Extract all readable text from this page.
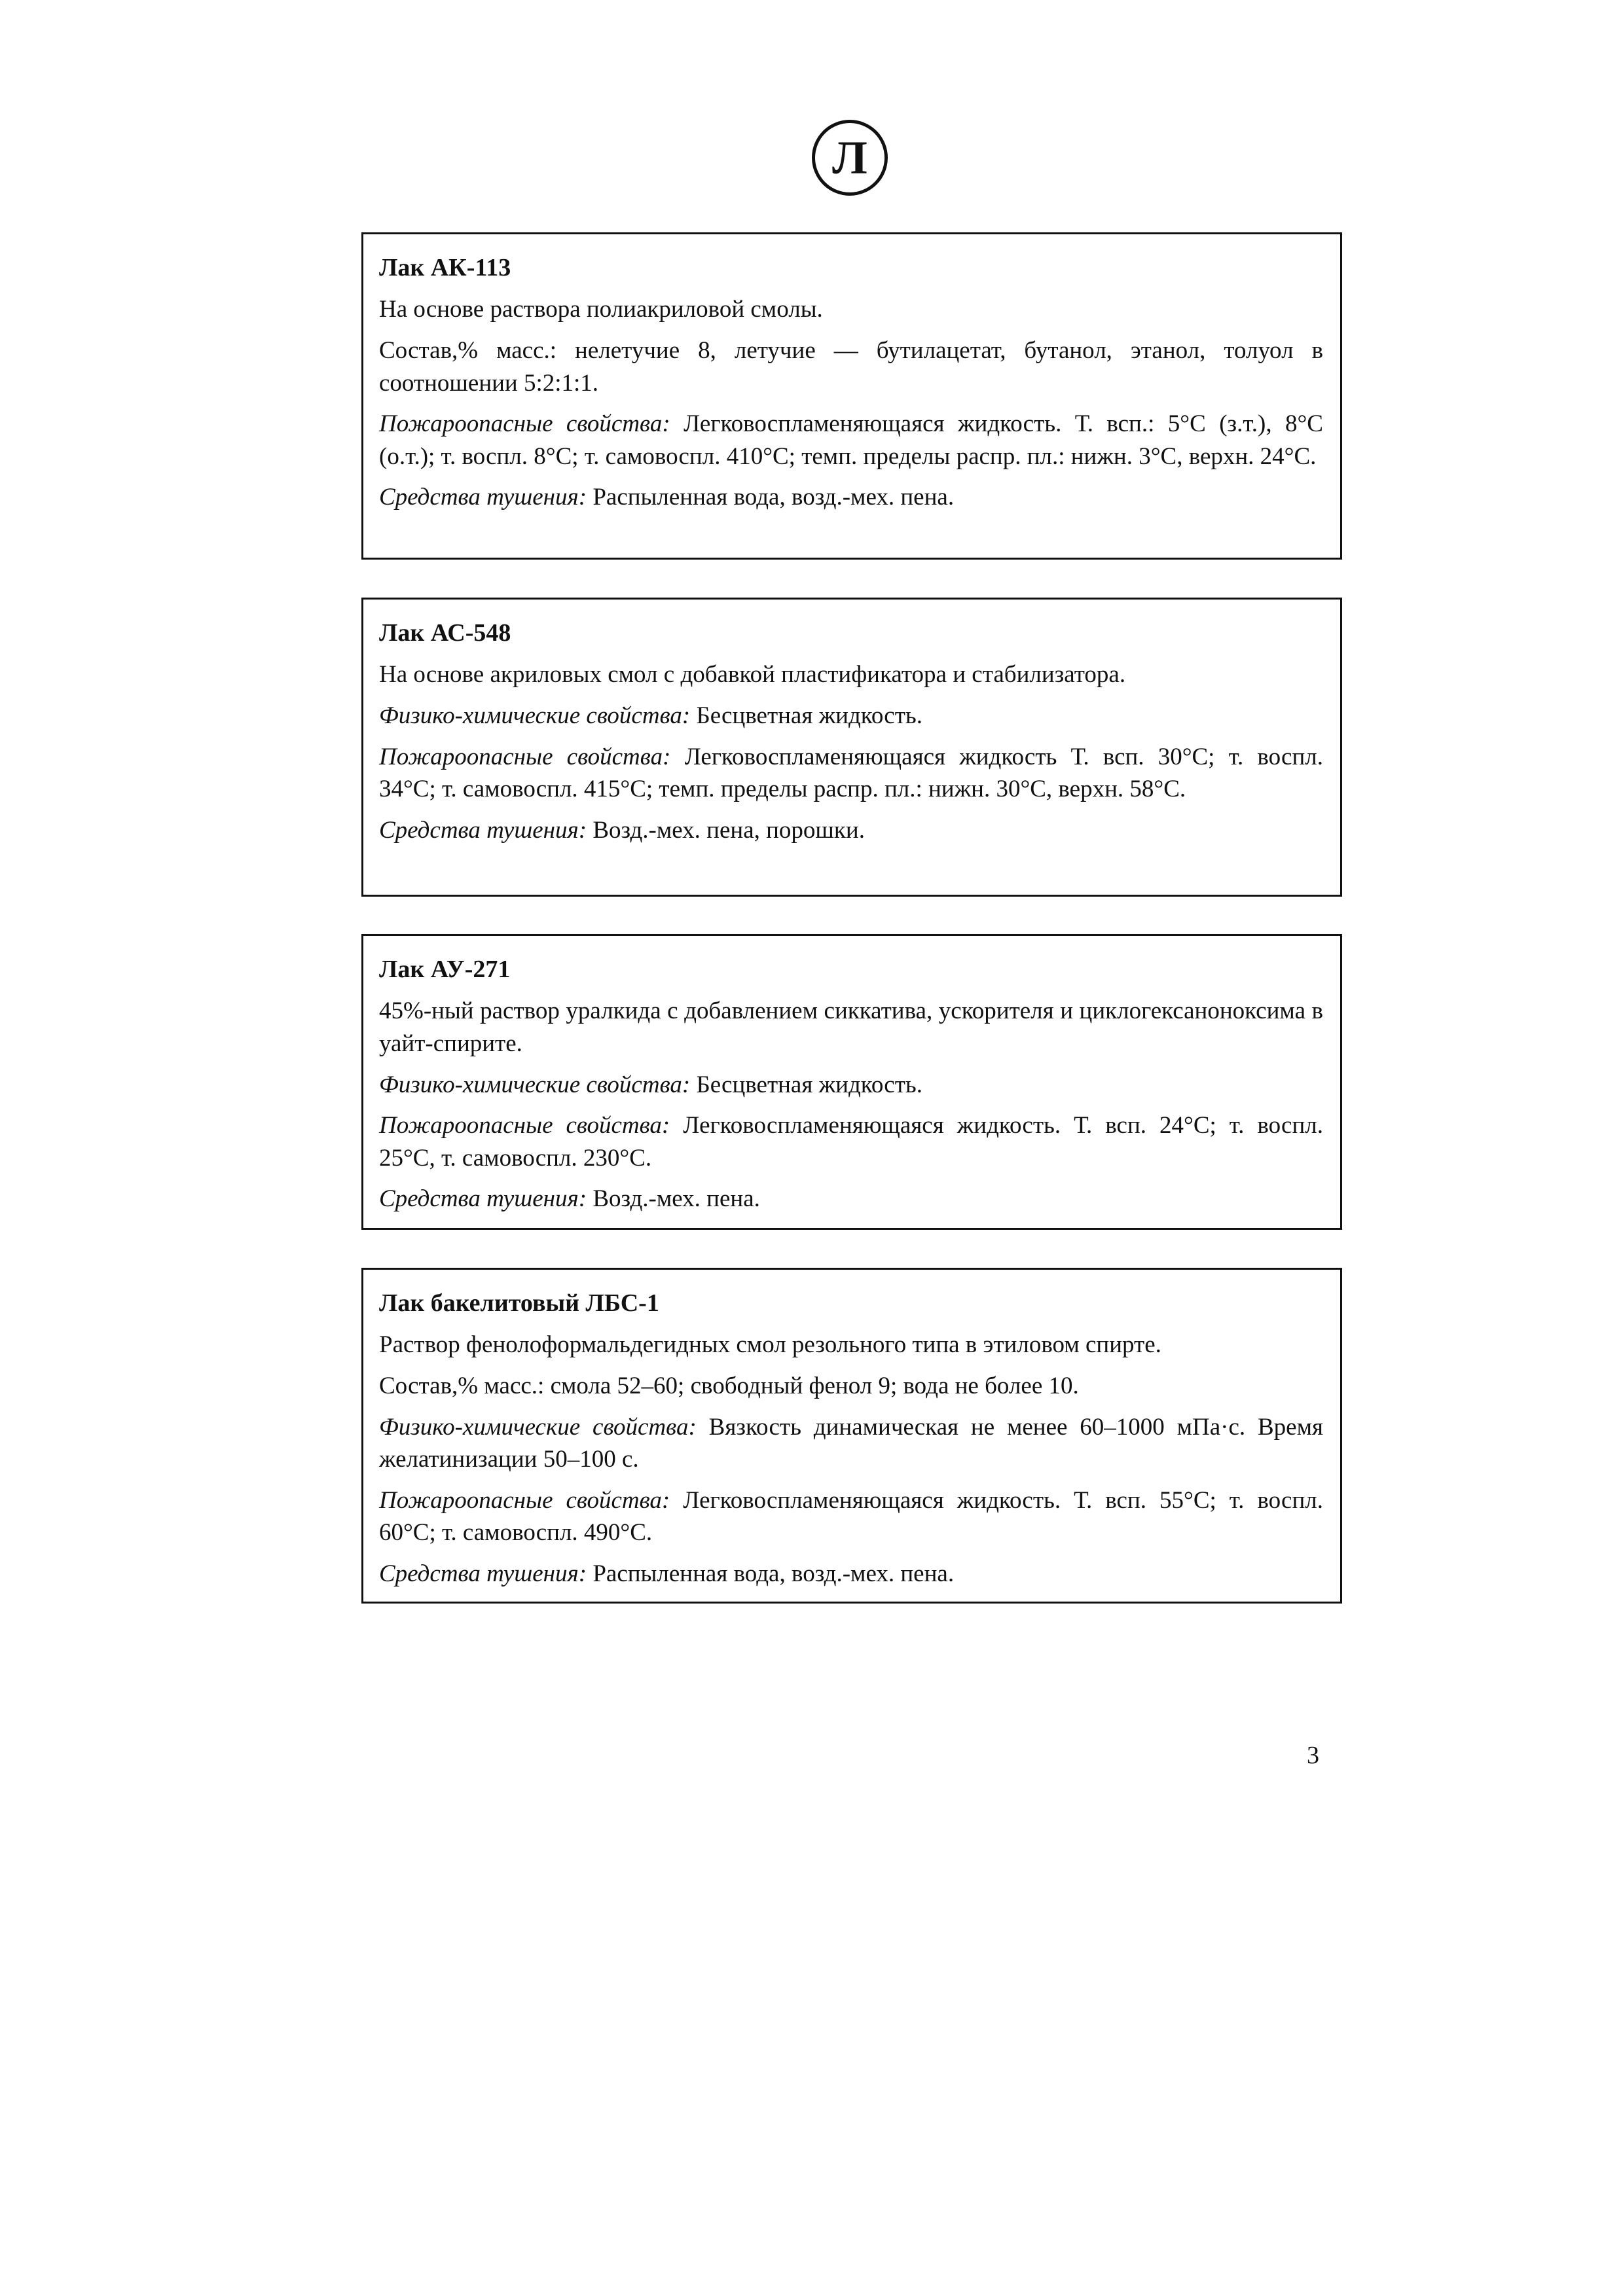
Л
Лак АК-113

На основе раствора полиакриловой смолы.

Состав,% масс.: нелетучие 8, летучие — бутилацетат, бутанол, этанол, толуол в соотношении 5:2:1:1.

Пожароопасные свойства: Легковоспламеняющаяся жидкость. Т. всп.: 5°С (з.т.), 8°С (о.т.); т. воспл. 8°С; т. самовоспл. 410°С; темп. пределы распр. пл.: нижн. 3°С, верхн. 24°С.

Средства тушения: Распыленная вода, возд.-мех. пена.

Лак АС-548

На основе акриловых смол с добавкой пластификатора и стабилизатора.

Физико-химические свойства: Бесцветная жидкость.

Пожароопасные свойства: Легковоспламеняющаяся жидкость Т. всп. 30°С; т. воспл. 34°С; т. самовоспл. 415°С; темп. пределы распр. пл.: нижн. 30°С, верхн. 58°С.

Средства тушения: Возд.-мех. пена, порошки.

Лак АУ-271

45%-ный раствор уралкида с добавлением сиккатива, ускорителя и циклогексаноноксима в уайт-спирите.

Физико-химические свойства: Бесцветная жидкость.

Пожароопасные свойства: Легковоспламеняющаяся жидкость. Т. всп. 24°С; т. воспл. 25°С, т. самовоспл. 230°С.

Средства тушения: Возд.-мех. пена.

Лак бакелитовый ЛБС-1

Раствор фенолоформальдегидных смол резольного типа в этиловом спирте.

Состав,% масс.: смола 52–60; свободный фенол 9; вода не более 10.

Физико-химические свойства: Вязкость динамическая не менее 60–1000 мПа·с. Время желатинизации 50–100 с.

Пожароопасные свойства: Легковоспламеняющаяся жидкость. Т. всп. 55°С; т. воспл. 60°С; т. самовоспл. 490°С.

Средства тушения: Распыленная вода, возд.-мех. пена.

3
